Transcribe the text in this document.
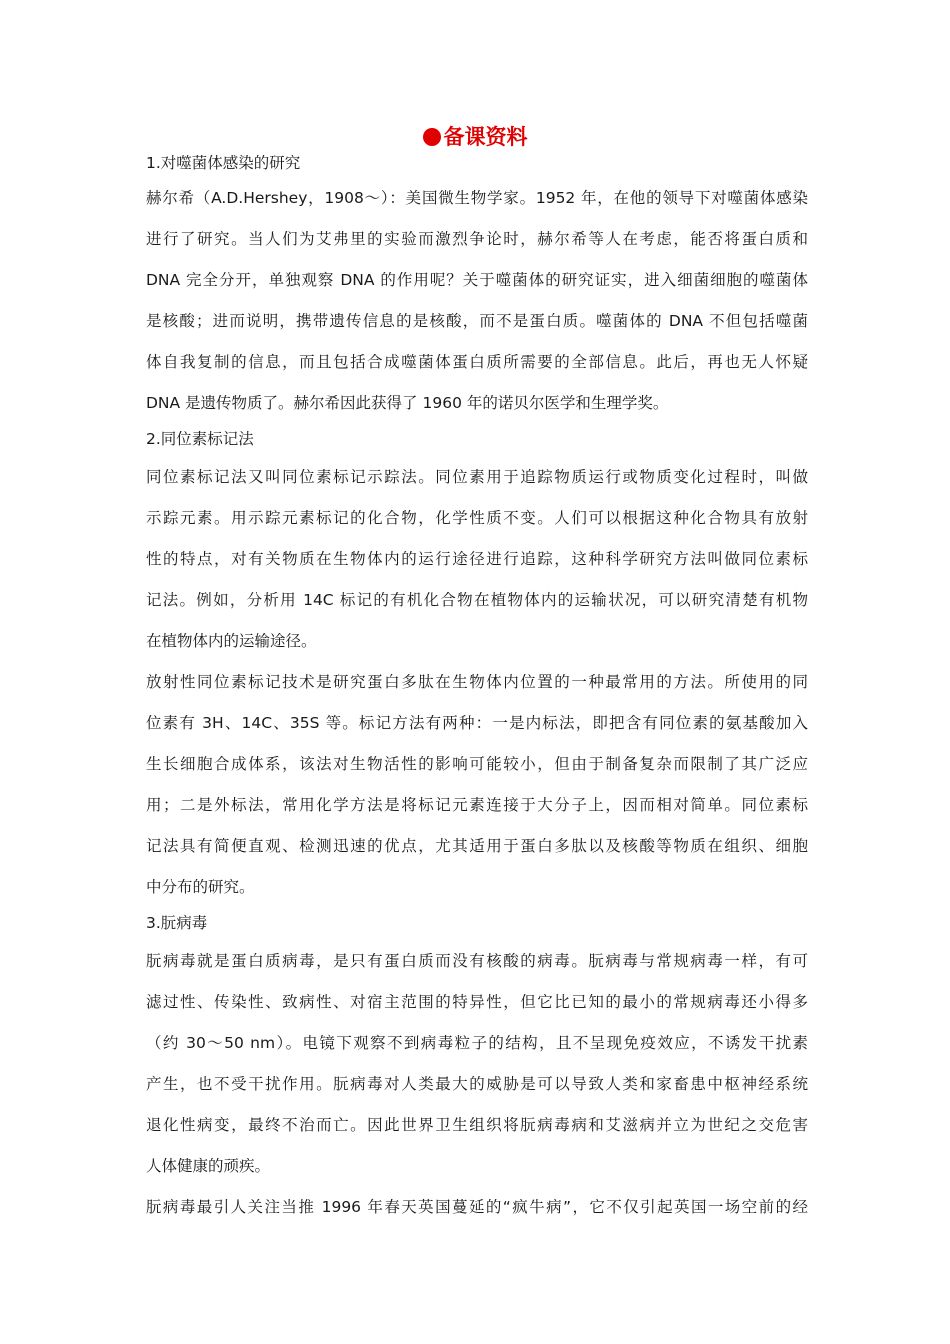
备课资料
1.对噬菌体感染的研究
赫尔希（A.D.Hershey，1908～）：美国微生物学家。1952 年，在他的领导下对噬菌体感染
进行了研究。当人们为艾弗里的实验而激烈争论时，赫尔希等人在考虑，能否将蛋白质和
DNA 完全分开，单独观察 DNA 的作用呢？关于噬菌体的研究证实，进入细菌细胞的噬菌体
是核酸；进而说明，携带遗传信息的是核酸，而不是蛋白质。噬菌体的 DNA 不但包括噬菌
体自我复制的信息，而且包括合成噬菌体蛋白质所需要的全部信息。此后，再也无人怀疑
DNA 是遗传物质了。赫尔希因此获得了 1960 年的诺贝尔医学和生理学奖。
2.同位素标记法
同位素标记法又叫同位素标记示踪法。同位素用于追踪物质运行或物质变化过程时，叫做
示踪元素。用示踪元素标记的化合物，化学性质不变。人们可以根据这种化合物具有放射
性的特点，对有关物质在生物体内的运行途径进行追踪，这种科学研究方法叫做同位素标
记法。例如，分析用 14C 标记的有机化合物在植物体内的运输状况，可以研究清楚有机物
在植物体内的运输途径。
放射性同位素标记技术是研究蛋白多肽在生物体内位置的一种最常用的方法。所使用的同
位素有 3H、14C、35S 等。标记方法有两种：一是内标法，即把含有同位素的氨基酸加入
生长细胞合成体系，该法对生物活性的影响可能较小，但由于制备复杂而限制了其广泛应
用；二是外标法，常用化学方法是将标记元素连接于大分子上，因而相对简单。同位素标
记法具有简便直观、检测迅速的优点，尤其适用于蛋白多肽以及核酸等物质在组织、细胞
中分布的研究。
3.朊病毒
朊病毒就是蛋白质病毒，是只有蛋白质而没有核酸的病毒。朊病毒与常规病毒一样，有可
滤过性、传染性、致病性、对宿主范围的特异性，但它比已知的最小的常规病毒还小得多
（约 30～50 nm）。电镜下观察不到病毒粒子的结构，且不呈现免疫效应，不诱发干扰素
产生，也不受干扰作用。朊病毒对人类最大的威胁是可以导致人类和家畜患中枢神经系统
退化性病变，最终不治而亡。因此世界卫生组织将朊病毒病和艾滋病并立为世纪之交危害
人体健康的顽疾。
朊病毒最引人关注当推 1996 年春天英国蔓延的“疯牛病”，它不仅引起英国一场空前的经
